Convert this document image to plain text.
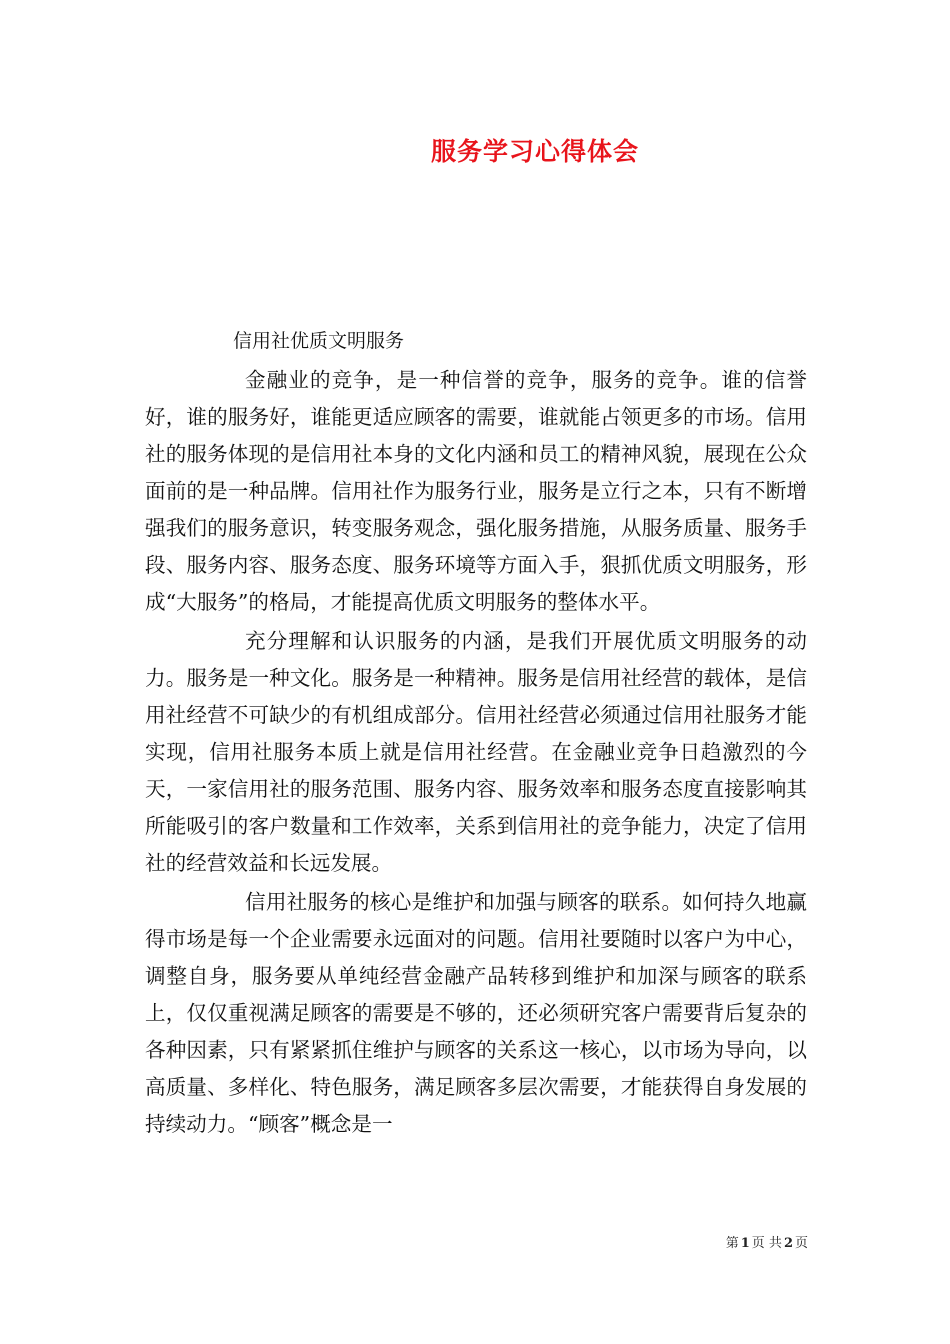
服务学习心得体会
信用社优质文明服务

金融业的竞争，是一种信誉的竞争，服务的竞争。谁的信誉好，谁的服务好，谁能更适应顾客的需要，谁就能占领更多的市场。信用社的服务体现的是信用社本身的文化内涵和员工的精神风貌，展现在公众面前的是一种品牌。信用社作为服务行业，服务是立行之本，只有不断增强我们的服务意识，转变服务观念，强化服务措施，从服务质量、服务手段、服务内容、服务态度、服务环境等方面入手，狠抓优质文明服务，形成“大服务”的格局，才能提高优质文明服务的整体水平。

充分理解和认识服务的内涵，是我们开展优质文明服务的动力。服务是一种文化。服务是一种精神。服务是信用社经营的载体，是信用社经营不可缺少的有机组成部分。信用社经营必须通过信用社服务才能实现，信用社服务本质上就是信用社经营。在金融业竞争日趋激烈的今天，一家信用社的服务范围、服务内容、服务效率和服务态度直接影响其所能吸引的客户数量和工作效率，关系到信用社的竞争能力，决定了信用社的经营效益和长远发展。

信用社服务的核心是维护和加强与顾客的联系。如何持久地赢得市场是每一个企业需要永远面对的问题。信用社要随时以客户为中心，调整自身，服务要从单纯经营金融产品转移到维护和加深与顾客的联系上，仅仅重视满足顾客的需要是不够的，还必须研究客户需要背后复杂的各种因素，只有紧紧抓住维护与顾客的关系这一核心，以市场为导向，以高质量、多样化、特色服务，满足顾客多层次需要，才能获得自身发展的持续动力。“顾客”概念是一

第 1 页 共 2 页
